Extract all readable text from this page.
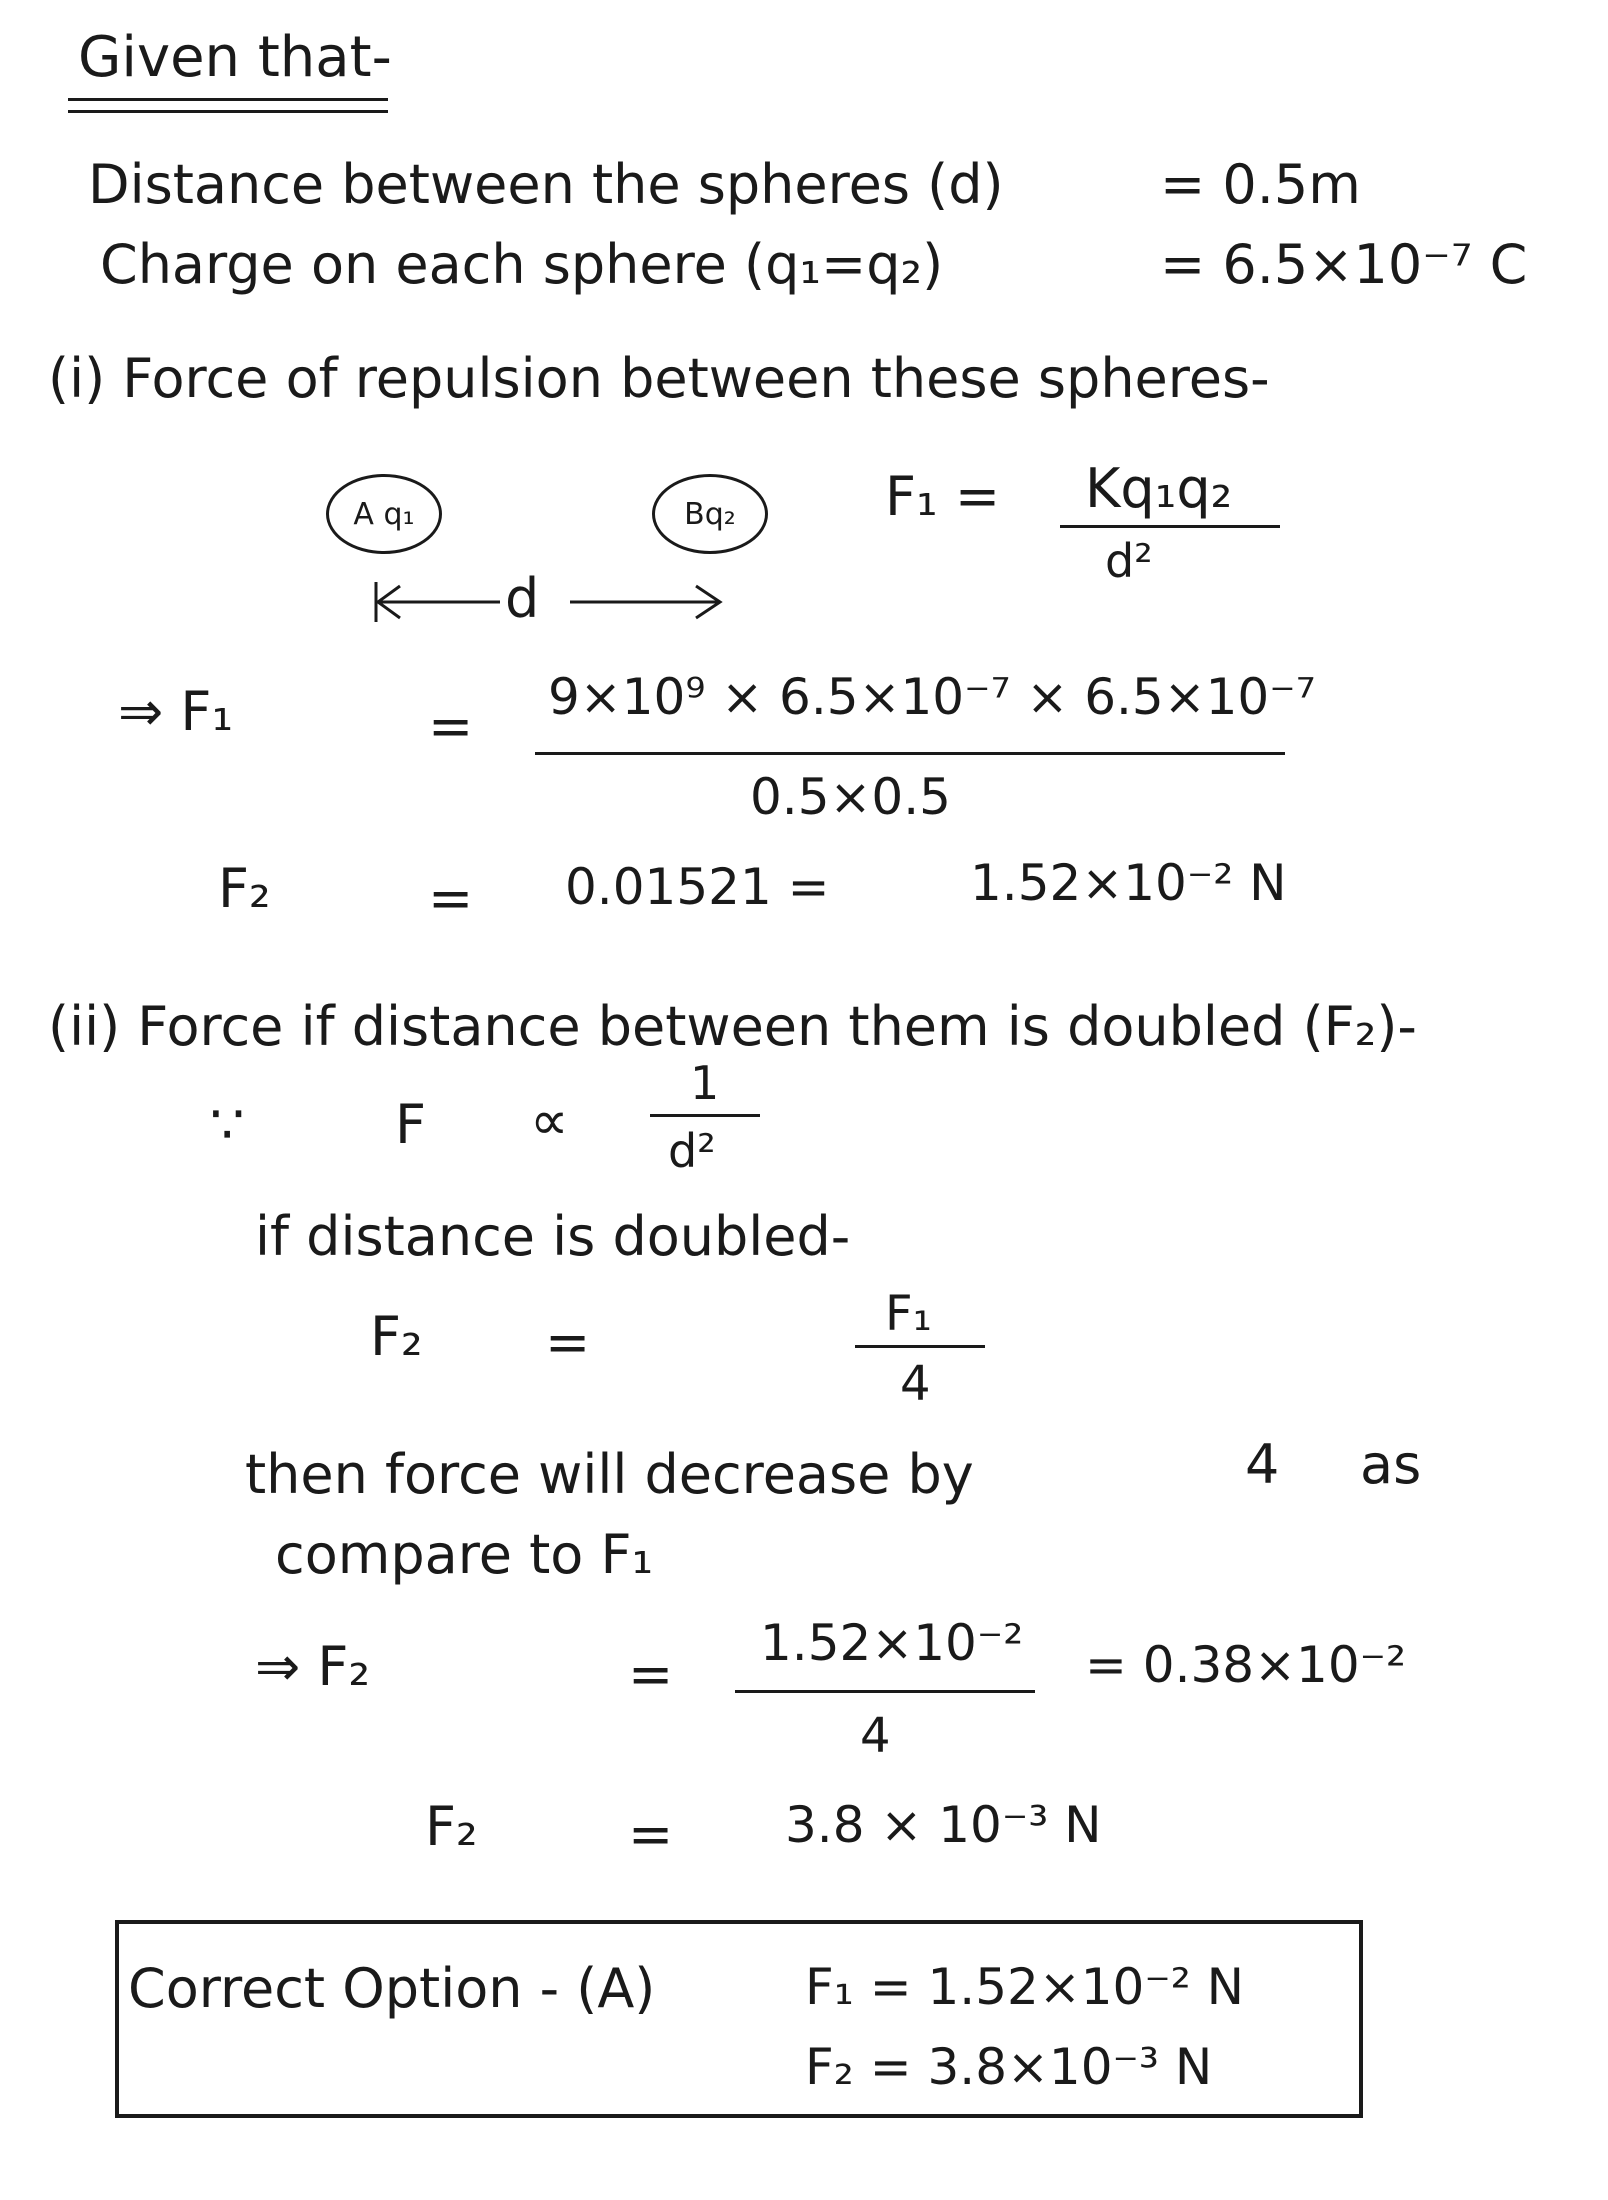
Given that-
Distance between the spheres (d)	= 0.5m
Charge on each sphere (q₁=q₂)	= 6.5×10⁻⁷ C
(i) Force of repulsion between these spheres-
A q₁	Bq₂
d
F₁ = Kq₁q₂
d²
⇒ F₁	= 9×10⁹ × 6.5×10⁻⁷ × 6.5×10⁻⁷
0.5×0.5
F₂	= 0.01521 =	1.52×10⁻² N
(ii) Force if distance between them is doubled (F₂)-
∵	F ∝
1
d²
if distance is doubled-
F₂ =	F₁
4
then force will decrease by	4 as
compare to F₁
⇒ F₂	= 1.52×10⁻²
4
= 0.38×10⁻²
F₂	= 3.8 × 10⁻³ N
Correct Option - (A)	F₁ = 1.52×10⁻² N
F₂ = 3.8×10⁻³ N
